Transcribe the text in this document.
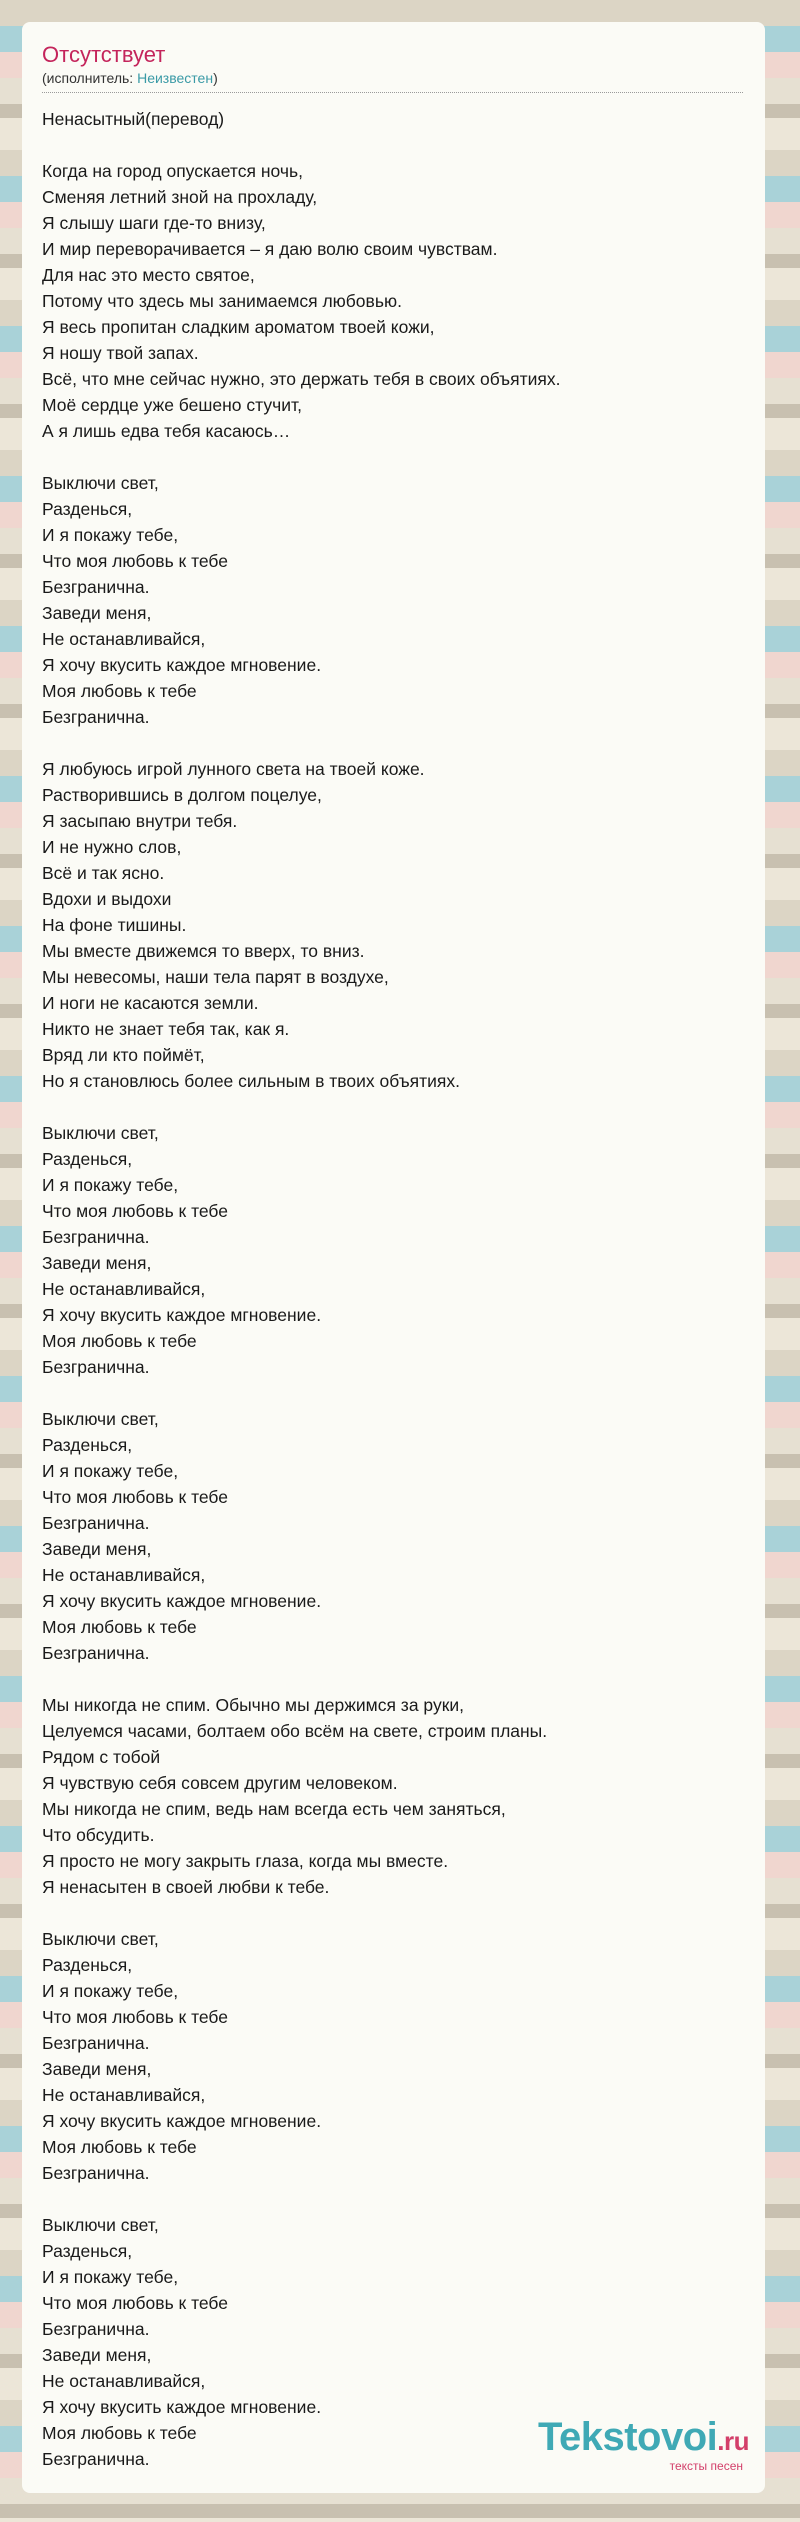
Отсутствует
(исполнитель: Неизвестен)
Ненасытный(перевод)

Когда на город опускается ночь,
Сменяя летний зной на прохладу,
Я слышу шаги где-то внизу,
И мир переворачивается – я даю волю своим чувствам.
Для нас это место святое,
Потому что здесь мы занимаемся любовью.
Я весь пропитан сладким ароматом твоей кожи,
Я ношу твой запах.
Всё, что мне сейчас нужно, это держать тебя в своих объятиях.
Моё сердце уже бешено стучит,
А я лишь едва тебя касаюсь…

Выключи свет,
Разденься,
И я покажу тебе,
Что моя любовь к тебе
Безгранична.
Заведи меня,
Не останавливайся,
Я хочу вкусить каждое мгновение.
Моя любовь к тебе
Безгранична.

Я любуюсь игрой лунного света на твоей коже.
Растворившись в долгом поцелуе,
Я засыпаю внутри тебя.
И не нужно слов,
Всё и так ясно.
Вдохи и выдохи
На фоне тишины.
Мы вместе движемся то вверх, то вниз.
Мы невесомы, наши тела парят в воздухе,
И ноги не касаются земли.
Никто не знает тебя так, как я.
Вряд ли кто поймёт,
Но я становлюсь более сильным в твоих объятиях.

Выключи свет,
Разденься,
И я покажу тебе,
Что моя любовь к тебе
Безгранична.
Заведи меня,
Не останавливайся,
Я хочу вкусить каждое мгновение.
Моя любовь к тебе
Безгранична.

Выключи свет,
Разденься,
И я покажу тебе,
Что моя любовь к тебе
Безгранична.
Заведи меня,
Не останавливайся,
Я хочу вкусить каждое мгновение.
Моя любовь к тебе
Безгранична.

Мы никогда не спим. Обычно мы держимся за руки,
Целуемся часами, болтаем обо всём на свете, строим планы.
Рядом с тобой
Я чувствую себя совсем другим человеком.
Мы никогда не спим, ведь нам всегда есть чем заняться,
Что обсудить.
Я просто не могу закрыть глаза, когда мы вместе.
Я ненасытен в своей любви к тебе.

Выключи свет,
Разденься,
И я покажу тебе,
Что моя любовь к тебе
Безгранична.
Заведи меня,
Не останавливайся,
Я хочу вкусить каждое мгновение.
Моя любовь к тебе
Безгранична.

Выключи свет,
Разденься,
И я покажу тебе,
Что моя любовь к тебе
Безгранична.
Заведи меня,
Не останавливайся,
Я хочу вкусить каждое мгновение.
Моя любовь к тебе
Безгранична.	Tekstovoi.ru
тексты песен
